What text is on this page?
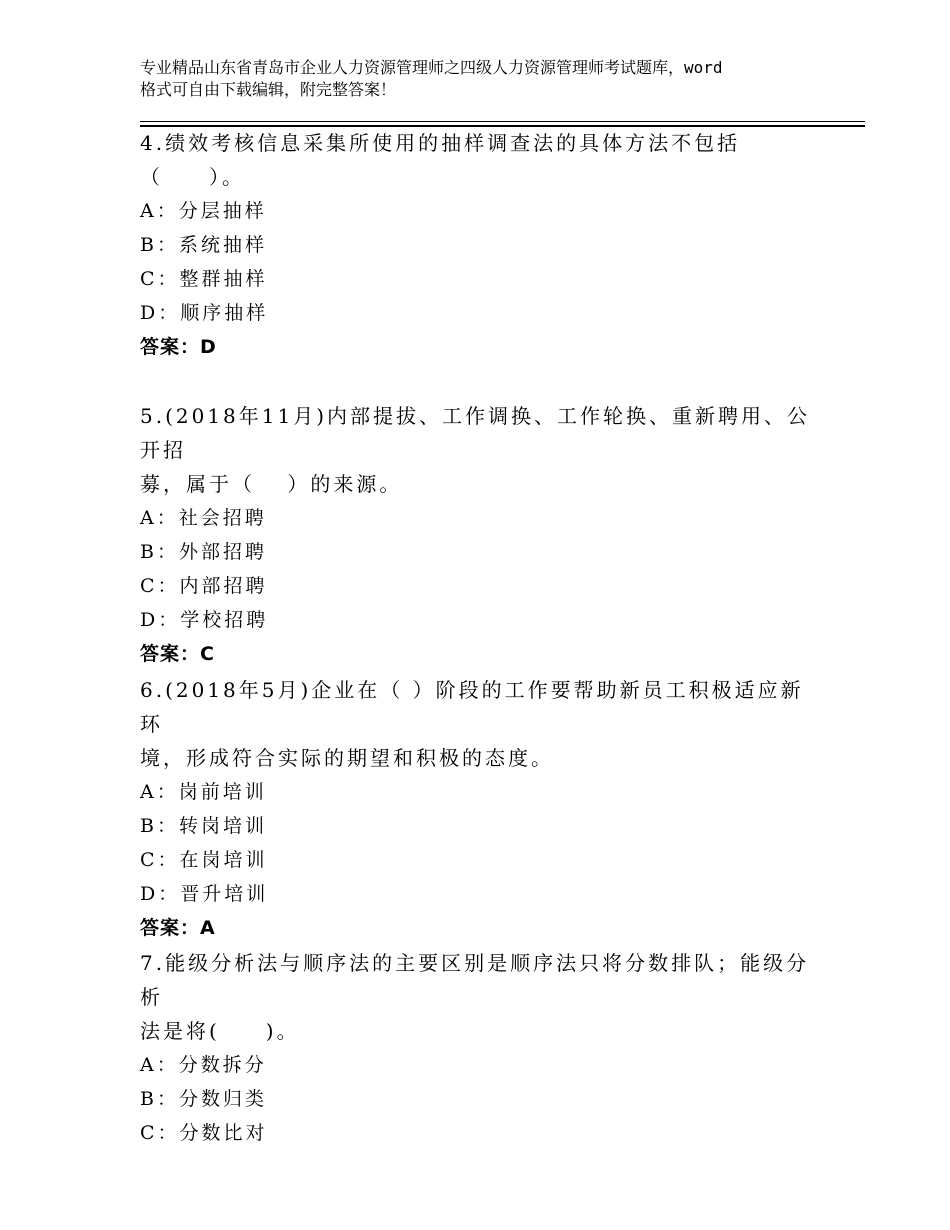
专业精品山东省青岛市企业人力资源管理师之四级人力资源管理师考试题库，word
格式可自由下载编辑，附完整答案！

4.绩效考核信息采集所使用的抽样调查法的具体方法不包括

（　　）。

A：分层抽样

B：系统抽样

C：整群抽样

D：顺序抽样

答案：D

5.(2018年11月)内部提拔、工作调换、工作轮换、重新聘用、公开招

募，属于（　 ）的来源。

A：社会招聘

B：外部招聘

C：内部招聘

D：学校招聘

答案：C

6.(2018年5月)企业在（ ）阶段的工作要帮助新员工积极适应新环

境，形成符合实际的期望和积极的态度。

A：岗前培训

B：转岗培训

C：在岗培训

D：晋升培训

答案：A

7.能级分析法与顺序法的主要区别是顺序法只将分数排队；能级分析

法是将(　　)。

A：分数拆分

B：分数归类

C：分数比对
